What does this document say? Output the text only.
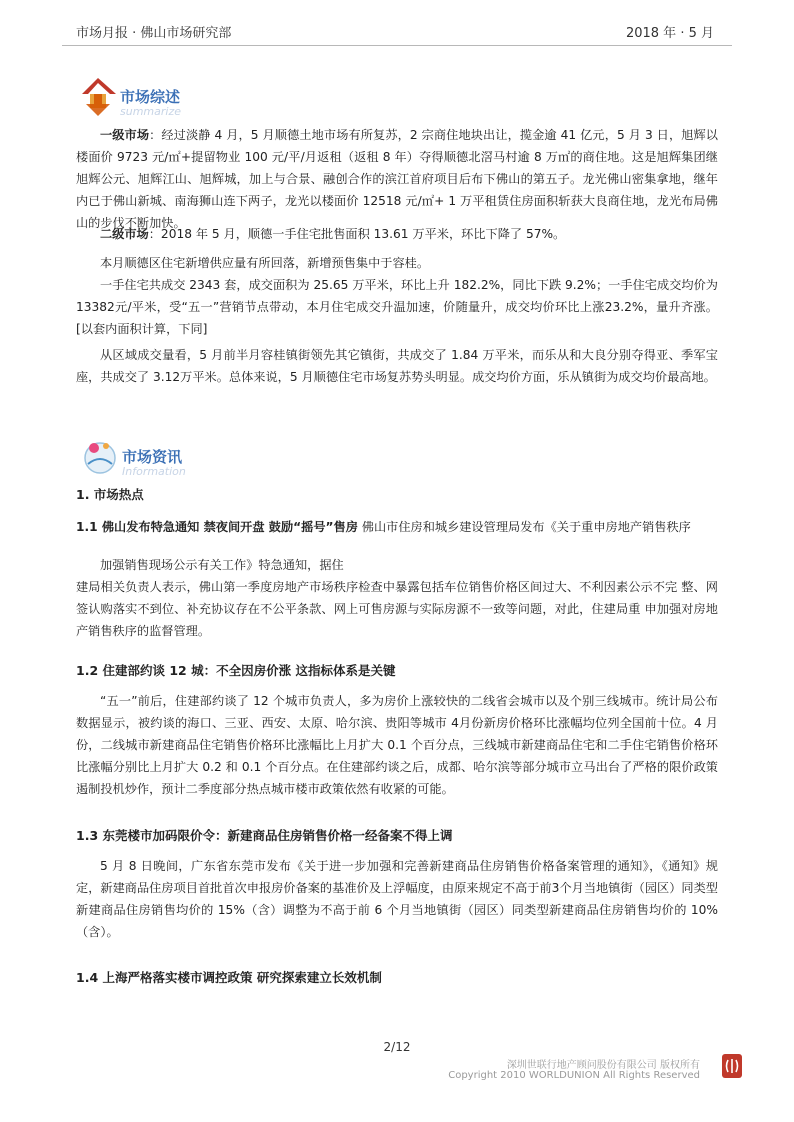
市场月报 · 佛山市场研究部	2018 年 · 5 月
市场综述
summarize

一级市场：经过淡静 4 月，5 月顺德土地市场有所复苏，2 宗商住地块出让，揽金逾 41 亿元，5 月 3 日，旭辉以楼面价 9723 元/㎡+提留物业 100 元/平/月返租（返租 8 年）夺得顺德北滘马村逾 8 万㎡的商住地。这是旭辉集团继旭辉公元、旭辉江山、旭辉城，加上与合景、融创合作的滨江首府项目后布下佛山的第五子。龙光佛山密集拿地，继年内已于佛山新城、南海狮山连下两子，龙光以楼面价 12518 元/㎡+ 1 万平租赁住房面积斩获大良商住地，龙光布局佛山的步伐不断加快。

二级市场：2018 年 5 月，顺德一手住宅批售面积 13.61 万平米，环比下降了 57%。

本月顺德区住宅新增供应量有所回落，新增预售集中于容桂。

一手住宅共成交 2343 套，成交面积为 25.65 万平米，环比上升 182.2%，同比下跌 9.2%；一手住宅成交均价为 13382元/平米，受“五一”营销节点带动，本月住宅成交升温加速，价随量升，成交均价环比上涨23.2%，量升齐涨。[以套内面积计算，下同]

从区域成交量看，5 月前半月容桂镇街领先其它镇街，共成交了 1.84 万平米，而乐从和大良分别夺得亚、季军宝座，共成交了 3.12万平米。总体来说，5 月顺德住宅市场复苏势头明显。成交均价方面，乐从镇街为成交均价最高地。

市场资讯
Information
1. 市场热点
1.1 佛山发布特急通知 禁夜间开盘 鼓励“摇号”售房 佛山市住房和城乡建设管理局发布《关于重申房地产销售秩序
加强销售现场公示有关工作》特急通知，据住

建局相关负责人表示，佛山第一季度房地产市场秩序检查中暴露包括车位销售价格区间过大、不利因素公示不完 整、网签认购落实不到位、补充协议存在不公平条款、网上可售房源与实际房源不一致等问题，对此，住建局重 申加强对房地产销售秩序的监督管理。

1.2 住建部约谈 12 城：不全因房价涨 这指标体系是关键

“五一”前后，住建部约谈了 12 个城市负责人，多为房价上涨较快的二线省会城市以及个别三线城市。统计局公布数据显示，被约谈的海口、三亚、西安、太原、哈尔滨、贵阳等城市 4月份新房价格环比涨幅均位列全国前十位。4 月份，二线城市新建商品住宅销售价格环比涨幅比上月扩大 0.1 个百分点，三线城市新建商品住宅和二手住宅销售价格环比涨幅分别比上月扩大 0.2 和 0.1 个百分点。在住建部约谈之后，成都、哈尔滨等部分城市立马出台了严格的限价政策遏制投机炒作，预计二季度部分热点城市楼市政策依然有收紧的可能。

1.3 东莞楼市加码限价令：新建商品住房销售价格一经备案不得上调

5 月 8 日晚间，广东省东莞市发布《关于进一步加强和完善新建商品住房销售价格备案管理的通知》，《通知》规定，新建商品住房项目首批首次申报房价备案的基准价及上浮幅度，由原来规定不高于前3个月当地镇街（园区）同类型新建商品住房销售均价的 15%（含）调整为不高于前 6 个月当地镇街（园区）同类型新建商品住房销售均价的 10%（含）。

1.4 上海严格落实楼市调控政策 研究探索建立长效机制
2/12
深圳世联行地产顾问股份有限公司 版权所有
Copyright 2010 WORLDUNION All Rights Reserved
